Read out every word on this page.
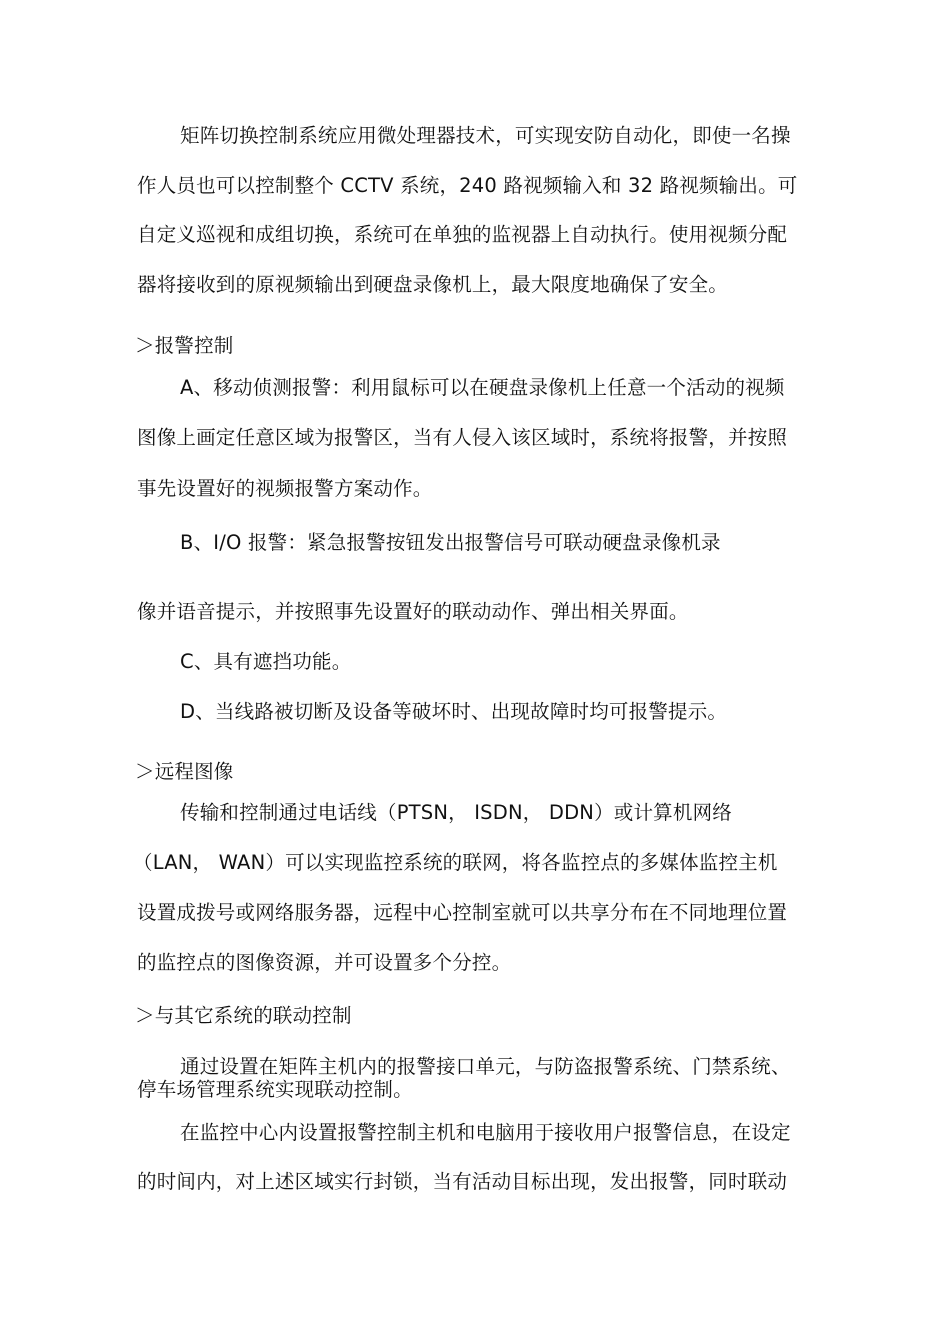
矩阵切换控制系统应用微处理器技术，可实现安防自动化，即使一名操
作人员也可以控制整个 CCTV 系统，240 路视频输入和 32 路视频输出。可
自定义巡视和成组切换，系统可在单独的监视器上自动执行。使用视频分配
器将接收到的原视频输出到硬盘录像机上，最大限度地确保了安全。
＞报警控制
A、移动侦测报警：利用鼠标可以在硬盘录像机上任意一个活动的视频
图像上画定任意区域为报警区，当有人侵入该区域时，系统将报警，并按照
事先设置好的视频报警方案动作。
B、I/O 报警：紧急报警按钮发出报警信号可联动硬盘录像机录
像并语音提示，并按照事先设置好的联动动作、弹出相关界面。
C、具有遮挡功能。
D、当线路被切断及设备等破坏时、出现故障时均可报警提示。
＞远程图像
传输和控制通过电话线（PTSN， ISDN， DDN）或计算机网络
（LAN， WAN）可以实现监控系统的联网，将各监控点的多媒体监控主机
设置成拨号或网络服务器，远程中心控制室就可以共享分布在不同地理位置
的监控点的图像资源，并可设置多个分控。
＞与其它系统的联动控制
通过设置在矩阵主机内的报警接口单元，与防盗报警系统、门禁系统、
停车场管理系统实现联动控制。
在监控中心内设置报警控制主机和电脑用于接收用户报警信息，在设定
的时间内，对上述区域实行封锁，当有活动目标出现，发出报警，同时联动
